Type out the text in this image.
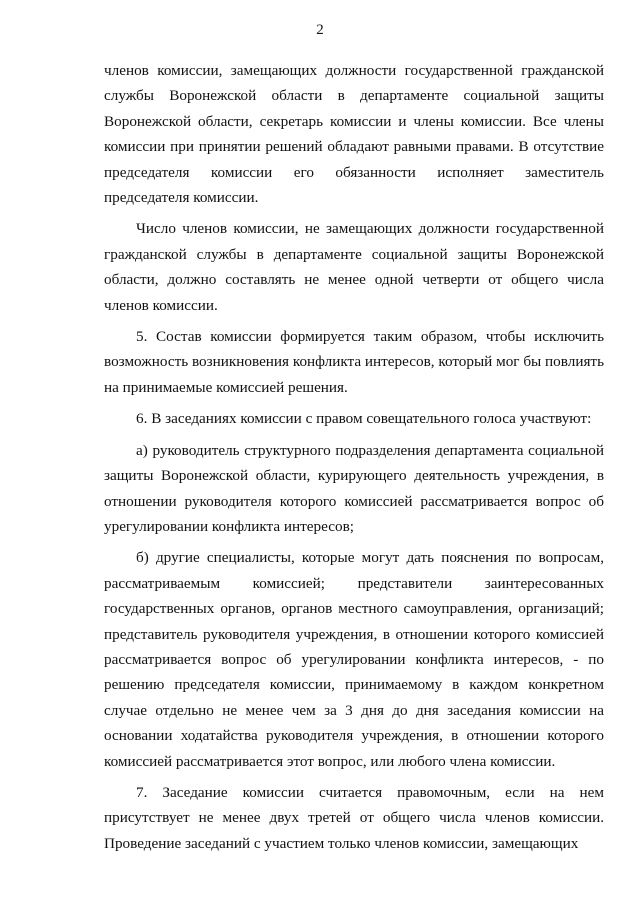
2

членов комиссии, замещающих должности государственной гражданской службы Воронежской области в департаменте социальной защиты Воронежской области, секретарь комиссии и члены комиссии. Все члены комиссии при принятии решений обладают равными правами. В отсутствие председателя комиссии его обязанности исполняет заместитель председателя комиссии.

Число членов комиссии, не замещающих должности государственной гражданской службы в департаменте социальной защиты Воронежской области, должно составлять не менее одной четверти от общего числа членов комиссии.

5. Состав комиссии формируется таким образом, чтобы исключить возможность возникновения конфликта интересов, который мог бы повлиять на принимаемые комиссией решения.

6. В заседаниях комиссии с правом совещательного голоса участвуют:

а) руководитель структурного подразделения департамента социальной защиты Воронежской области, курирующего деятельность учреждения, в отношении руководителя которого комиссией рассматривается вопрос об урегулировании конфликта интересов;

б) другие специалисты, которые могут дать пояснения по вопросам, рассматриваемым комиссией; представители заинтересованных государственных органов, органов местного самоуправления, организаций; представитель руководителя учреждения, в отношении которого комиссией рассматривается вопрос об урегулировании конфликта интересов, - по решению председателя комиссии, принимаемому в каждом конкретном случае отдельно не менее чем за 3 дня до дня заседания комиссии на основании ходатайства руководителя учреждения, в отношении которого комиссией рассматривается этот вопрос, или любого члена комиссии.

7. Заседание комиссии считается правомочным, если на нем присутствует не менее двух третей от общего числа членов комиссии. Проведение заседаний с участием только членов комиссии, замещающих
